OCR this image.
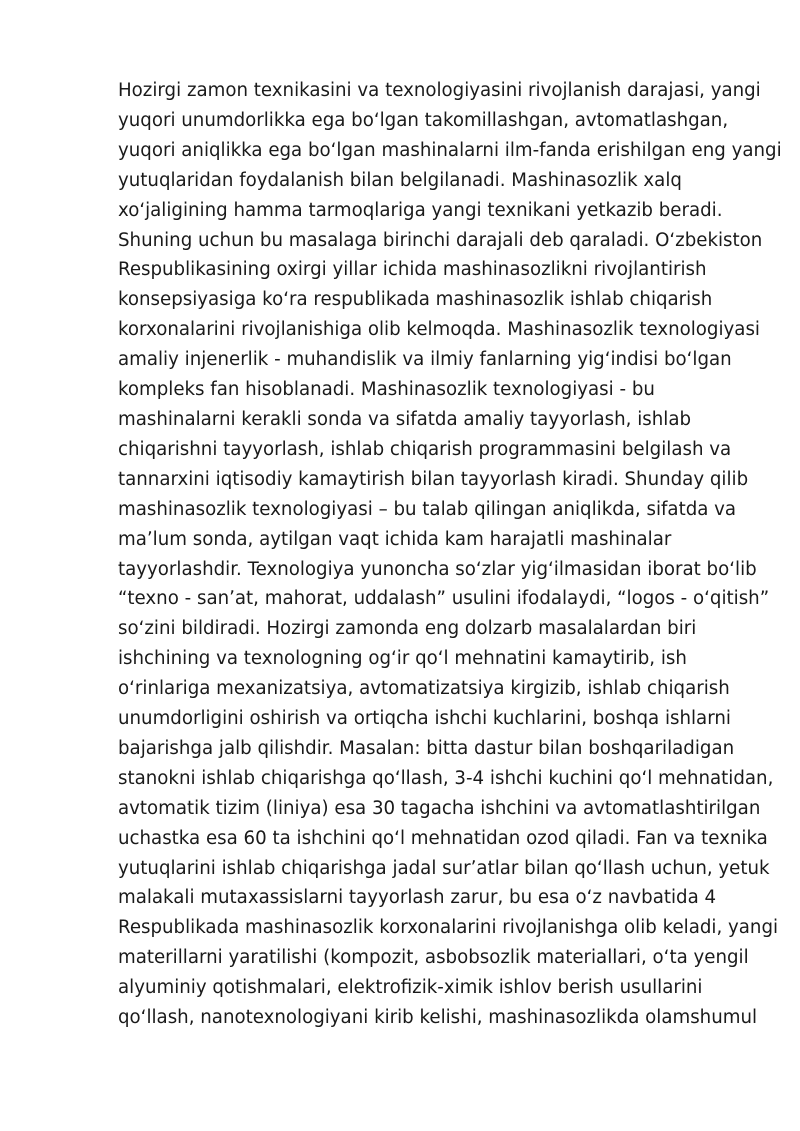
Hozirgi zamon texnikasini va texnologiyasini rivojlanish darajasi, yangi
yuqori unumdorlikka ega boʻlgan takomillashgan, avtomatlashgan,
yuqori aniqlikka ega boʻlgan mashinalarni ilm-fanda erishilgan eng yangi
yutuqlaridan foydalanish bilan belgilanadi. Mashinasozlik xalq
xoʻjaligining hamma tarmoqlariga yangi texnikani yetkazib beradi.
Shuning uchun bu masalaga birinchi darajali deb qaraladi. Oʻzbekiston
Respublikasining oxirgi yillar ichida mashinasozlikni rivojlantirish
konsepsiyasiga koʻra respublikada mashinasozlik ishlab chiqarish
korxonalarini rivojlanishiga olib kelmoqda. Mashinasozlik texnologiyasi
amaliy injenerlik - muhandislik va ilmiy fanlarning yigʻindisi boʻlgan
kompleks fan hisoblanadi. Mashinasozlik texnologiyasi - bu
mashinalarni kerakli sonda va sifatda amaliy tayyorlash, ishlab
chiqarishni tayyorlash, ishlab chiqarish programmasini belgilash va
tannarxini iqtisodiy kamaytirish bilan tayyorlash kiradi. Shunday qilib
mashinasozlik texnologiyasi – bu talab qilingan aniqlikda, sifatda va
maʼlum sonda, aytilgan vaqt ichida kam harajatli mashinalar
tayyorlashdir. Texnologiya yunoncha soʻzlar yigʻilmasidan iborat boʻlib
“texno - sanʼat, mahorat, uddalash” usulini ifodalaydi, “logos - oʻqitish”
soʻzini bildiradi. Hozirgi zamonda eng dolzarb masalalardan biri
ishchining va texnologning ogʻir qoʻl mehnatini kamaytirib, ish
oʻrinlariga mexanizatsiya, avtomatizatsiya kirgizib, ishlab chiqarish
unumdorligini oshirish va ortiqcha ishchi kuchlarini, boshqa ishlarni
bajarishga jalb qilishdir. Masalan: bitta dastur bilan boshqariladigan
stanokni ishlab chiqarishga qoʻllash, 3-4 ishchi kuchini qoʻl mehnatidan,
avtomatik tizim (liniya) esa 30 tagacha ishchini va avtomatlashtirilgan
uchastka esa 60 ta ishchini qoʻl mehnatidan ozod qiladi. Fan va texnika
yutuqlarini ishlab chiqarishga jadal surʼatlar bilan qoʻllash uchun, yetuk
malakali mutaxassislarni tayyorlash zarur, bu esa oʻz navbatida 4
Respublikada mashinasozlik korxonalarini rivojlanishga olib keladi, yangi
materillarni yaratilishi (kompozit, asbobsozlik materiallari, oʻta yengil
alyuminiy qotishmalari, elektrofizik-ximik ishlov berish usullarini
qoʻllash, nanotexnologiyani kirib kelishi, mashinasozlikda olamshumul
